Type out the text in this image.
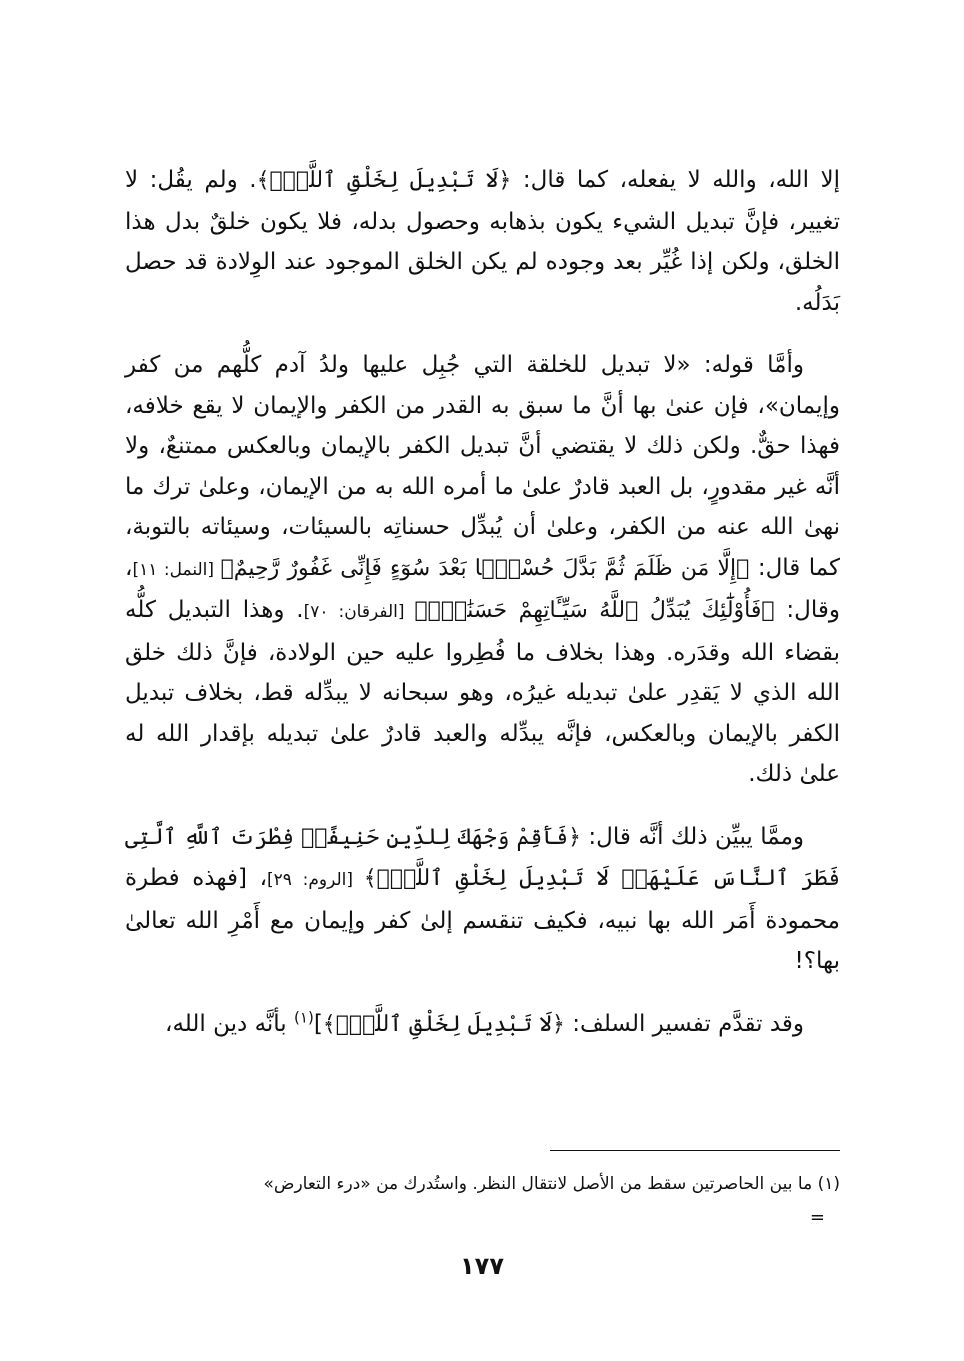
إلا الله، والله لا يفعله، كما قال: ﴿لَا تَبْدِيلَ لِخَلْقِ ٱللَّهِۚ﴾. ولم يقُل: لا تغيير، فإنَّ تبديل الشيء يكون بذهابه وحصول بدله، فلا يكون خلقٌ بدل هذا الخلق، ولكن إذا غُيِّر بعد وجوده لم يكن الخلق الموجود عند الوِلادة قد حصل بَدَلُه.

وأمَّا قوله: «لا تبديل للخلقة التي جُبِل عليها ولدُ آدم كلُّهم من كفر وإيمان»، فإن عنىٰ بها أنَّ ما سبق به القدر من الكفر والإيمان لا يقع خلافه، فهذا حقٌّ. ولكن ذلك لا يقتضي أنَّ تبديل الكفر بالإيمان وبالعكس ممتنعٌ، ولا أنَّه غير مقدورٍ، بل العبد قادرٌ علىٰ ما أمره الله به من الإيمان، وعلىٰ ترك ما نهىٰ الله عنه من الكفر، وعلىٰ أن يُبدِّل حسناتِه بالسيئات، وسيئاته بالتوبة، كما قال: ﴿إِلَّا مَن ظَلَمَ ثُمَّ بَدَّلَ حُسْنًۢا بَعْدَ سُوٓءٍ فَإِنِّى غَفُورٌ رَّحِيمٌ﴾ [النمل: ١١]، وقال: ﴿فَأُوْلَٰٓئِكَ يُبَدِّلُ ٱللَّهُ سَيِّـَٔاتِهِمْ حَسَنَٰتٍۗ﴾ [الفرقان: ٧٠]. وهذا التبديل كلُّه بقضاء الله وقدَره. وهذا بخلاف ما فُطِروا عليه حين الولادة، فإنَّ ذلك خلق الله الذي لا يَقدِر علىٰ تبديله غيرُه، وهو سبحانه لا يبدِّله قط، بخلاف تبديل الكفر بالإيمان وبالعكس، فإنَّه يبدِّله والعبد قادرٌ علىٰ تبديله بإقدار الله له علىٰ ذلك.

وممَّا يبيِّن ذلك أنَّه قال: ﴿فَأَقِمْ وَجْهَكَ لِلدِّينِ حَنِيفًاۚ فِطْرَتَ ٱللَّهِ ٱلَّتِى فَطَرَ ٱلنَّاسَ عَلَيْهَاۚ لَا تَبْدِيلَ لِخَلْقِ ٱللَّهِۚ﴾ [الروم: ٢٩]، [فهذه فطرة محمودة أَمَر الله بها نبيه، فكيف تنقسم إلىٰ كفر وإيمان مع أَمْرِ الله تعالىٰ بها؟!

وقد تقدَّم تفسير السلف: ﴿لَا تَبْدِيلَ لِخَلْقِ ٱللَّهِۚ﴾]$^{(١)}$ بأنَّه دين الله،

(١) ما بين الحاصرتين سقط من الأصل لانتقال النظر. واستُدرك من «درء التعارض»
=
١٧٧
